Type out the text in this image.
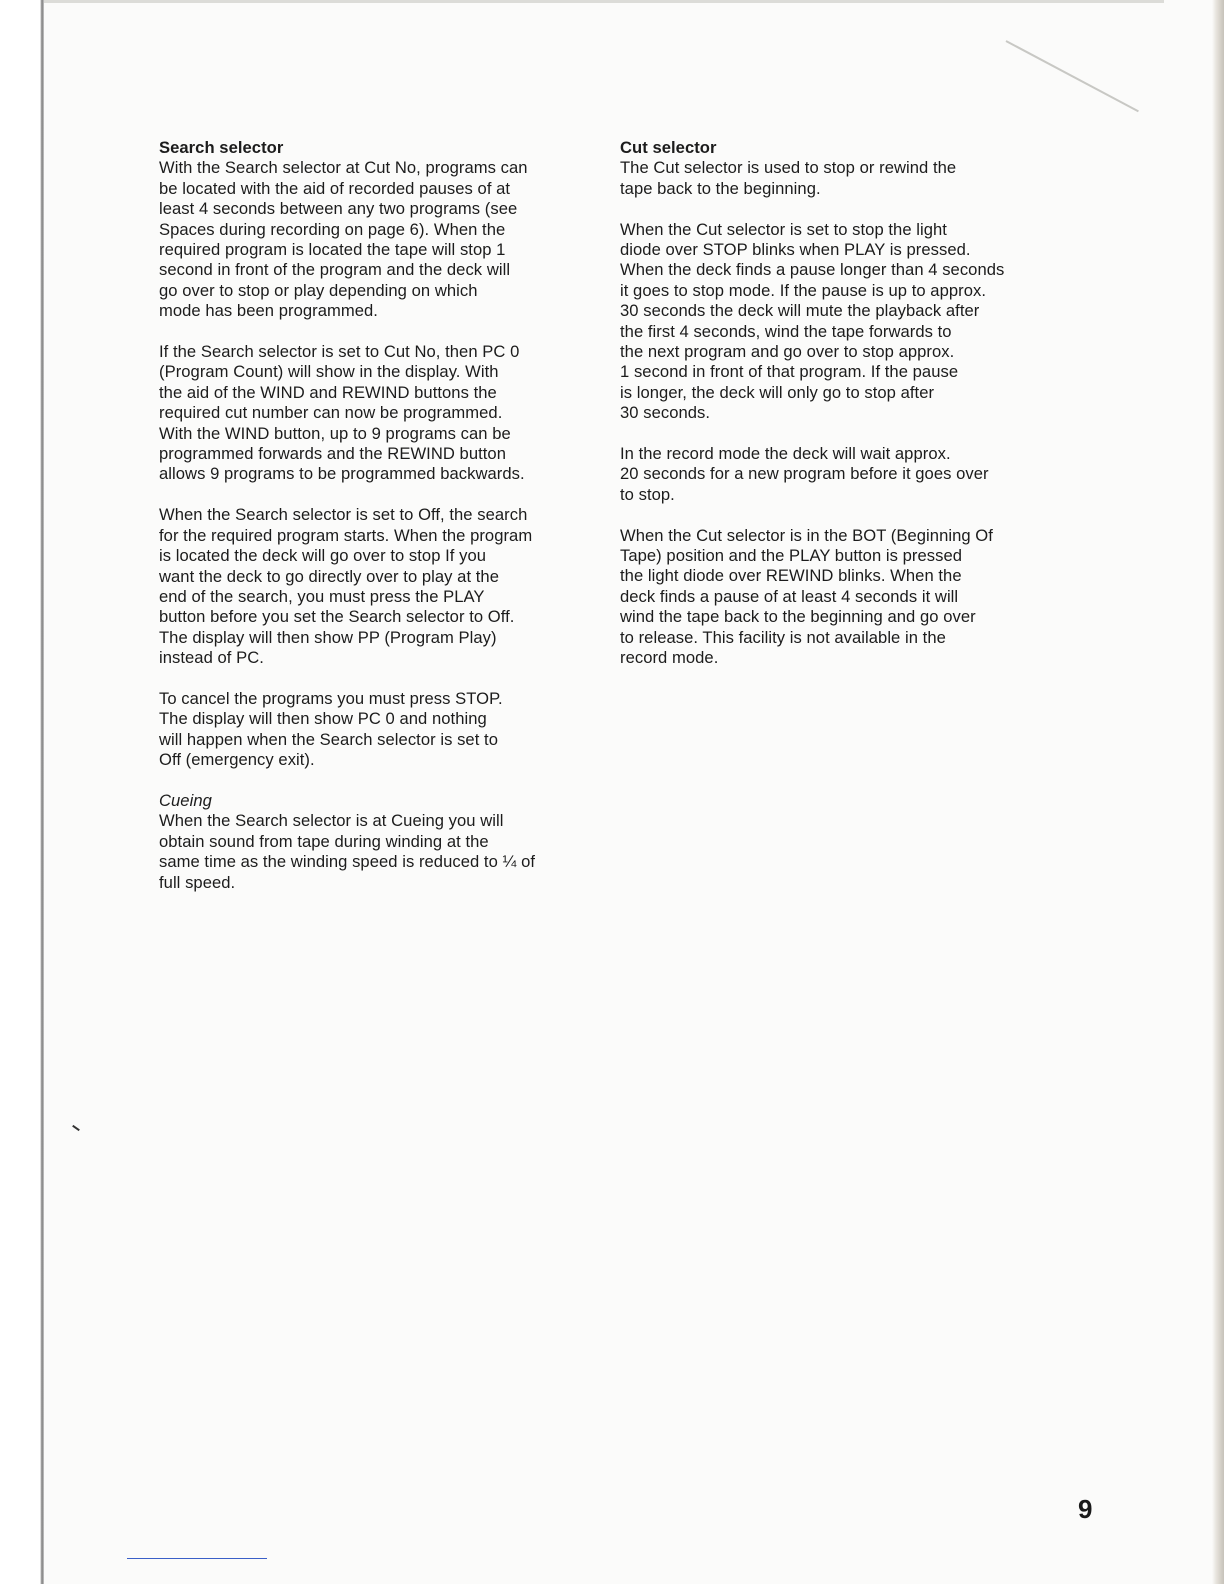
Search selector

With the Search selector at Cut No, programs can
be located with the aid of recorded pauses of at
least 4 seconds between any two programs (see
Spaces during recording on page 6). When the
required program is located the tape will stop 1
second in front of the program and the deck will
go over to stop or play depending on which
mode has been programmed.

If the Search selector is set to Cut No, then PC 0
(Program Count) will show in the display. With
the aid of the WIND and REWIND buttons the
required cut number can now be programmed.
With the WIND button, up to 9 programs can be
programmed forwards and the REWIND button
allows 9 programs to be programmed backwards.

When the Search selector is set to Off, the search
for the required program starts. When the program
is located the deck will go over to stop If you
want the deck to go directly over to play at the
end of the search, you must press the PLAY
button before you set the Search selector to Off.
The display will then show PP (Program Play)
instead of PC.

To cancel the programs you must press STOP.
The display will then show PC 0 and nothing
will happen when the Search selector is set to
Off (emergency exit).

Cueing

When the Search selector is at Cueing you will
obtain sound from tape during winding at the
same time as the winding speed is reduced to ¼ of
full speed.

Cut selector

The Cut selector is used to stop or rewind the
tape back to the beginning.

When the Cut selector is set to stop the light
diode over STOP blinks when PLAY is pressed.
When the deck finds a pause longer than 4 seconds
it goes to stop mode. If the pause is up to approx.
30 seconds the deck will mute the playback after
the first 4 seconds, wind the tape forwards to
the next program and go over to stop approx.
1 second in front of that program. If the pause
is longer, the deck will only go to stop after
30 seconds.

In the record mode the deck will wait approx.
20 seconds for a new program before it goes over
to stop.

When the Cut selector is in the BOT (Beginning Of
Tape) position and the PLAY button is pressed
the light diode over REWIND blinks. When the
deck finds a pause of at least 4 seconds it will
wind the tape back to the beginning and go over
to release. This facility is not available in the
record mode.

9
